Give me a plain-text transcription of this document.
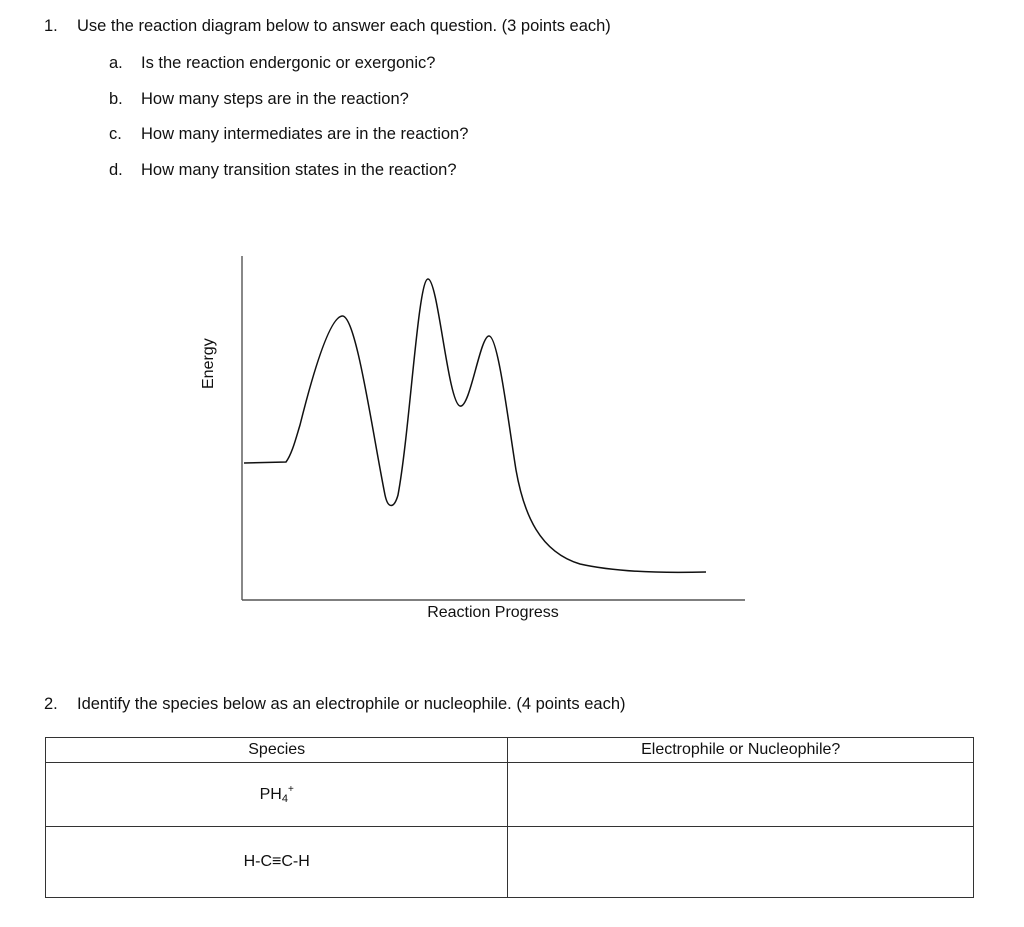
1. Use the reaction diagram below to answer each question. (3 points each)
a. Is the reaction endergonic or exergonic?
b. How many steps are in the reaction?
c. How many intermediates are in the reaction?
d. How many transition states in the reaction?
Energy
Reaction Progress
2. Identify the species below as an electrophile or nucleophile. (4 points each)
Species	Electrophile or Nucleophile?
PH4+	
H-C≡C-H	
